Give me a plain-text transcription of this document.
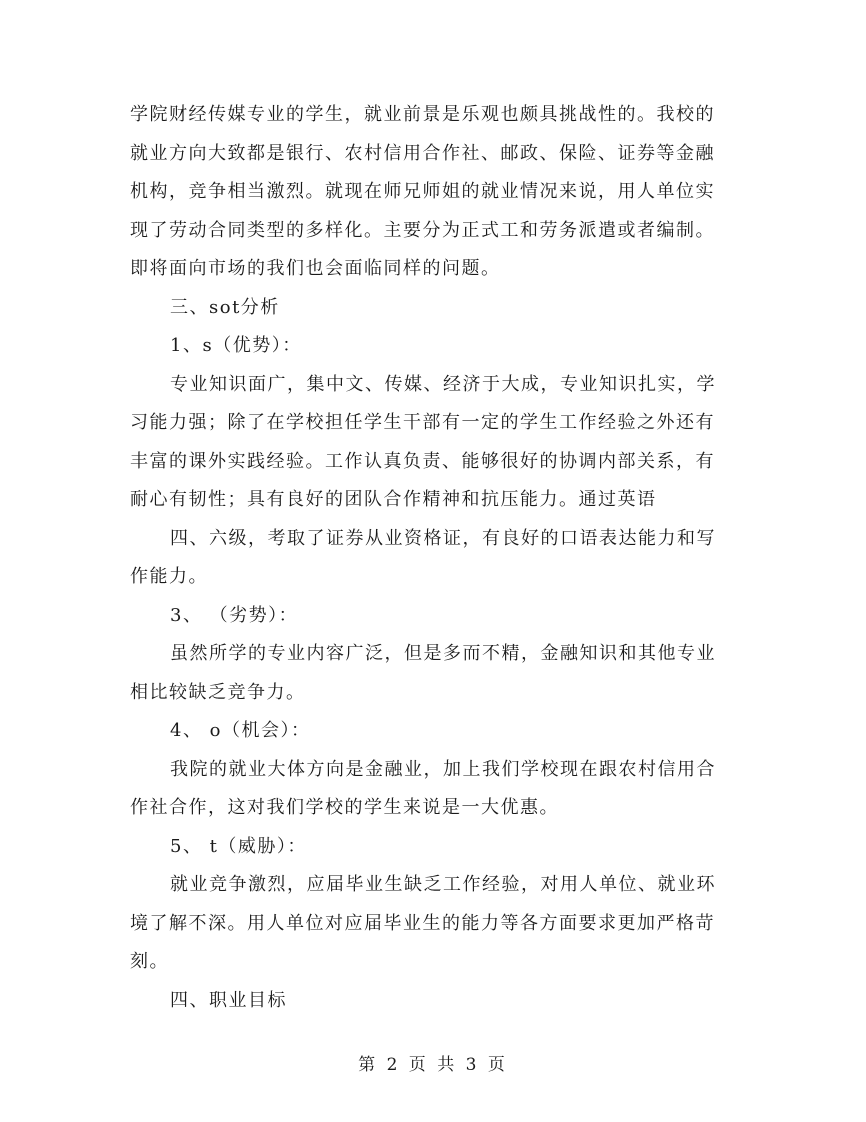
学院财经传媒专业的学生，就业前景是乐观也颇具挑战性的。我校的
就业方向大致都是银行、农村信用合作社、邮政、保险、证券等金融
机构，竞争相当激烈。就现在师兄师姐的就业情况来说，用人单位实
现了劳动合同类型的多样化。主要分为正式工和劳务派遣或者编制。
即将面向市场的我们也会面临同样的问题。
三、sot分析
1、s（优势）：
专业知识面广，集中文、传媒、经济于大成，专业知识扎实，学
习能力强；除了在学校担任学生干部有一定的学生工作经验之外还有
丰富的课外实践经验。工作认真负责、能够很好的协调内部关系，有
耐心有韧性；具有良好的团队合作精神和抗压能力。通过英语
四、六级，考取了证券从业资格证，有良好的口语表达能力和写
作能力。
3、 （劣势）：
虽然所学的专业内容广泛，但是多而不精，金融知识和其他专业
相比较缺乏竞争力。
4、 o（机会）：
我院的就业大体方向是金融业，加上我们学校现在跟农村信用合
作社合作，这对我们学校的学生来说是一大优惠。
5、 t（威胁）：
就业竞争激烈，应届毕业生缺乏工作经验，对用人单位、就业环
境了解不深。用人单位对应届毕业生的能力等各方面要求更加严格苛
刻。
四、职业目标
第 2 页 共 3 页
